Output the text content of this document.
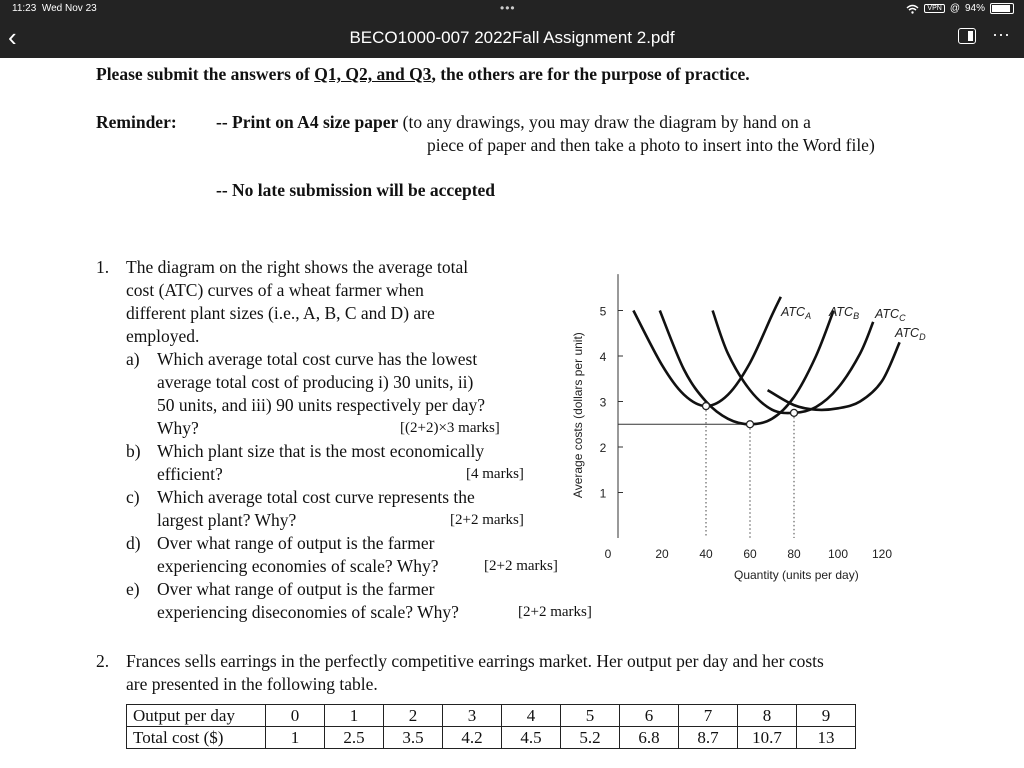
11:23 Wed Nov 23	•••	VPN @ 94%
‹	BECO1000-007 2022Fall Assignment 2.pdf	···
Please submit the answers of Q1, Q2, and Q3, the others are for the purpose of practice.
Reminder: -- Print on A4 size paper (to any drawings, you may draw the diagram by hand on a
piece of paper and then take a photo to insert into the Word file)
-- No late submission will be accepted
1. The diagram on the right shows the average total
cost (ATC) curves of a wheat farmer when
different plant sizes (i.e., A, B, C and D) are
employed.
a) Which average total cost curve has the lowest
average total cost of producing i) 30 units, ii)
50 units, and iii) 90 units respectively per day?
Why?	[(2+2)×3 marks]
b) Which plant size that is the most economically
efficient?	[4 marks]
c) Which average total cost curve represents the
largest plant? Why?	[2+2 marks]
d) Over what range of output is the farmer
experiencing economies of scale? Why?	[2+2 marks]
e) Over what range of output is the farmer
experiencing diseconomies of scale? Why?	[2+2 marks]
2. Frances sells earrings in the perfectly competitive earrings market. Her output per day and her costs
are presented in the following table.
Output per day	0	1	2	3	4	5	6	7	8	9
Total cost ($)	1	2.5	3.5	4.2	4.5	5.2	6.8	8.7	10.7	13
1
2
3
4
5
0	20	40	60	80 100 120
Quantity (units per day)
Average costs (dollars per unit)
$ATC_A$ $ATC_B$ $ATC_C$
$ATC_D$
